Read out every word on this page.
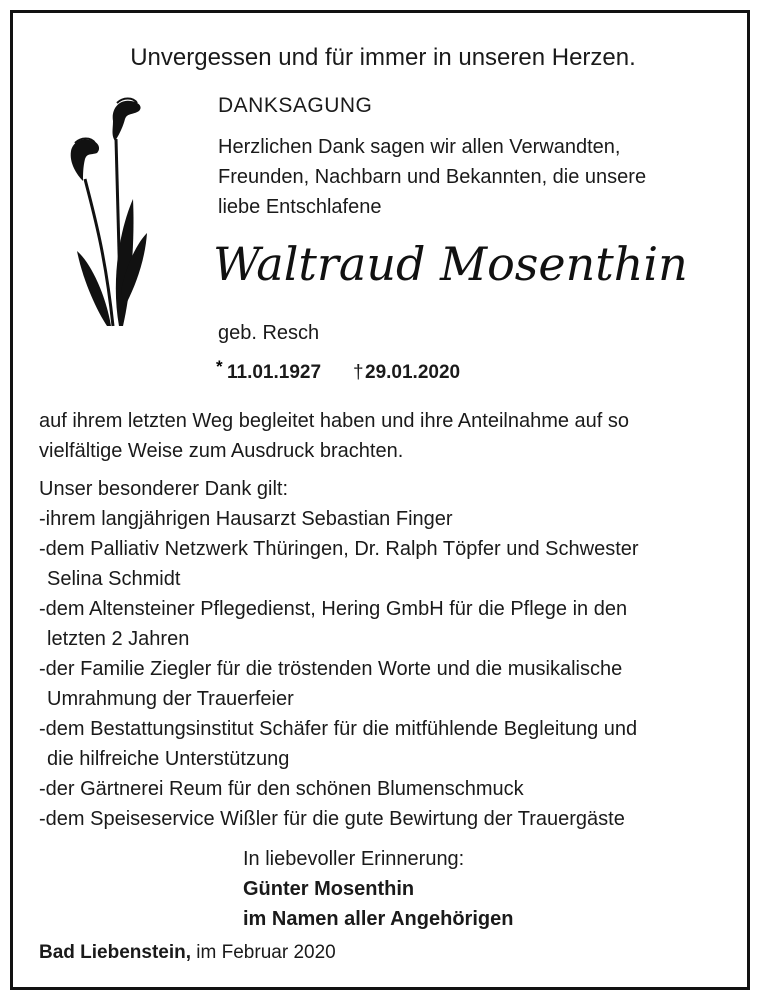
Unvergessen und für immer in unseren Herzen.
DANKSAGUNG
Herzlichen Dank sagen wir allen Verwandten,
Freunden, Nachbarn und Bekannten, die unsere
liebe Entschlafene
Waltraud Mosenthin
geb. Resch
* 11.01.1927 † 29.01.2020
auf ihrem letzten Weg begleitet haben und ihre Anteilnahme auf so
vielfältige Weise zum Ausdruck brachten.
Unser besonderer Dank gilt:
-ihrem langjährigen Hausarzt Sebastian Finger
-dem Palliativ Netzwerk Thüringen, Dr. Ralph Töpfer und Schwester
Selina Schmidt
-dem Altensteiner Pflegedienst, Hering GmbH für die Pflege in den
letzten 2 Jahren
-der Familie Ziegler für die tröstenden Worte und die musikalische
Umrahmung der Trauerfeier
-dem Bestattungsinstitut Schäfer für die mitfühlende Begleitung und
die hilfreiche Unterstützung
-der Gärtnerei Reum für den schönen Blumenschmuck
-dem Speiseservice Wißler für die gute Bewirtung der Trauergäste
In liebevoller Erinnerung:
Günter Mosenthin
im Namen aller Angehörigen
Bad Liebenstein, im Februar 2020
